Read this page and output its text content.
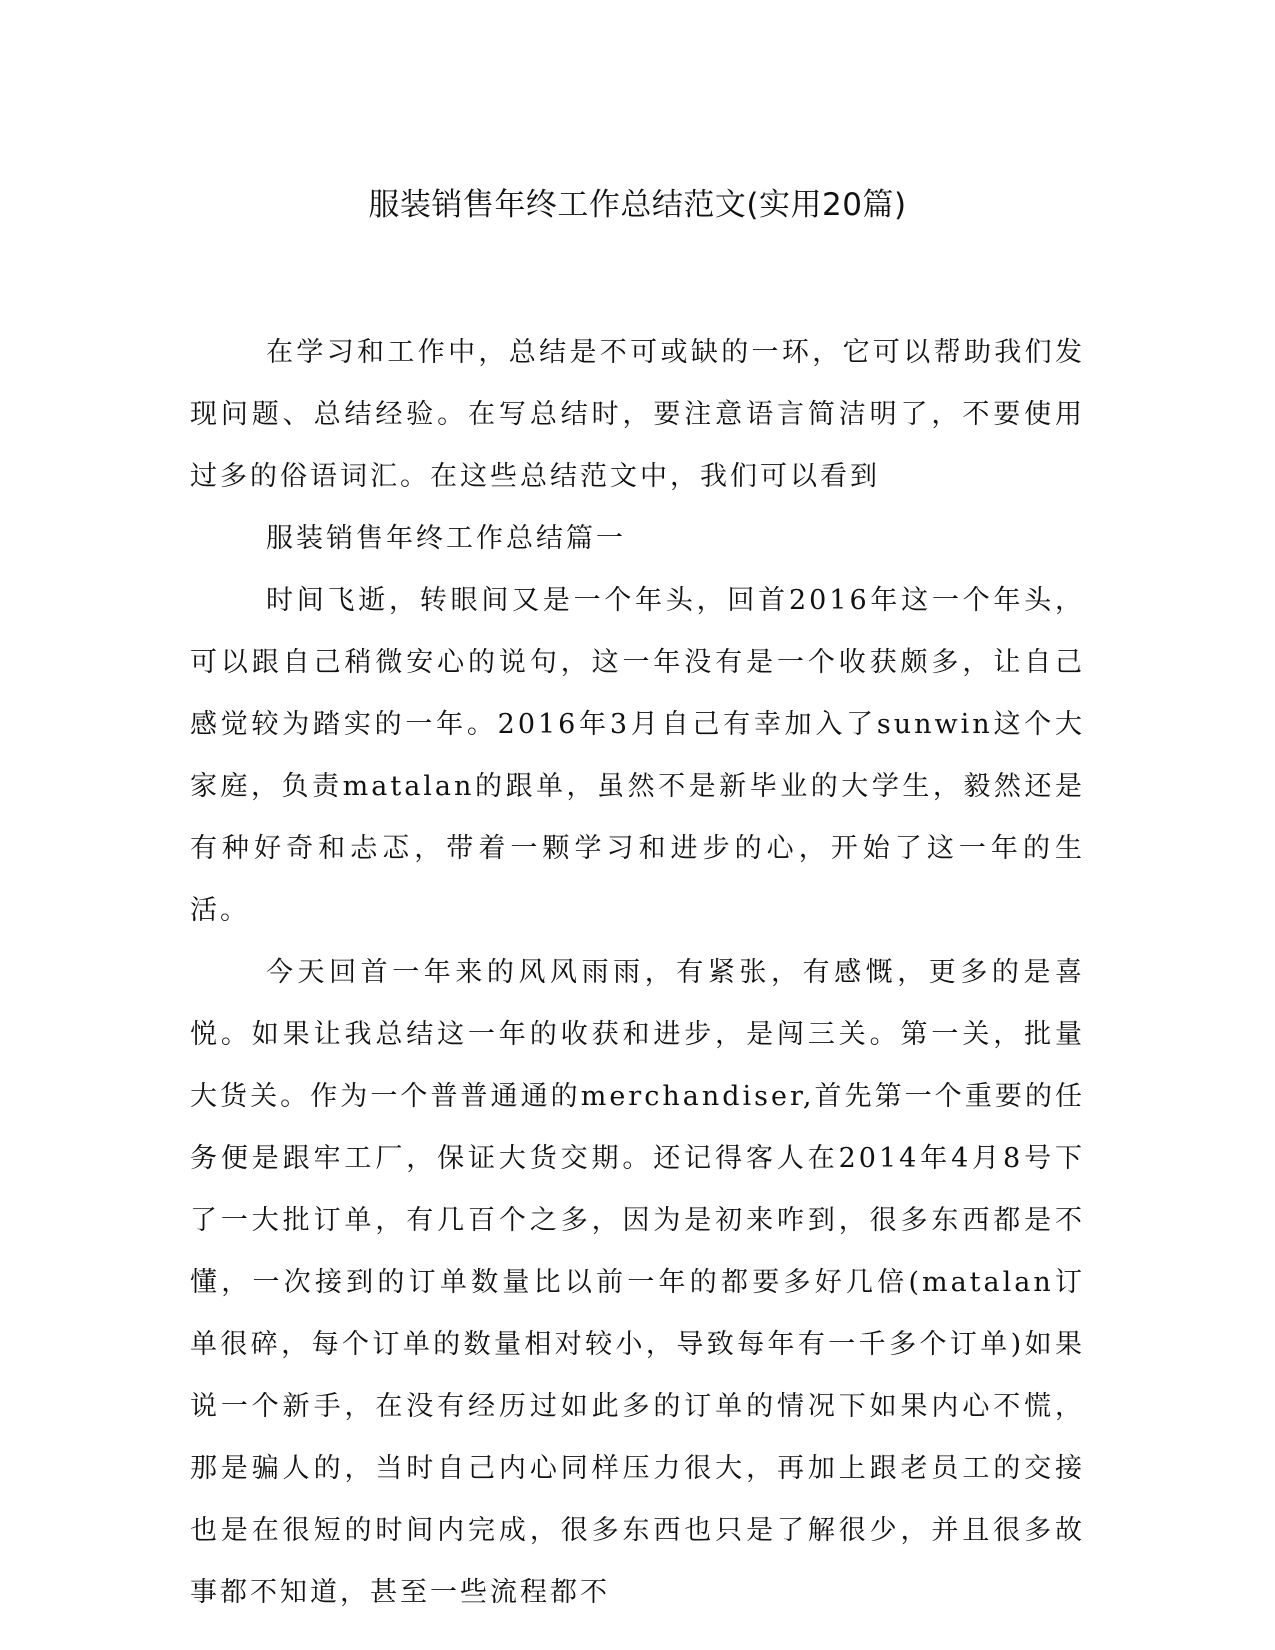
服装销售年终工作总结范文(实用20篇)

在学习和工作中，总结是不可或缺的一环，它可以帮助我们发现问题、总结经验。在写总结时，要注意语言简洁明了，不要使用过多的俗语词汇。在这些总结范文中，我们可以看到

服装销售年终工作总结篇一

时间飞逝，转眼间又是一个年头，回首2016年这一个年头，可以跟自己稍微安心的说句，这一年没有是一个收获颇多，让自己感觉较为踏实的一年。2016年3月自己有幸加入了sunwin这个大家庭，负责matalan的跟单，虽然不是新毕业的大学生，毅然还是有种好奇和忐忑，带着一颗学习和进步的心，开始了这一年的生活。

今天回首一年来的风风雨雨，有紧张，有感慨，更多的是喜悦。如果让我总结这一年的收获和进步，是闯三关。第一关，批量大货关。作为一个普普通通的merchandiser,首先第一个重要的任务便是跟牢工厂，保证大货交期。还记得客人在2014年4月8号下了一大批订单，有几百个之多，因为是初来咋到，很多东西都是不懂，一次接到的订单数量比以前一年的都要多好几倍(matalan订单很碎，每个订单的数量相对较小，导致每年有一千多个订单)如果说一个新手，在没有经历过如此多的订单的情况下如果内心不慌，那是骗人的，当时自己内心同样压力很大，再加上跟老员工的交接也是在很短的时间内完成，很多东西也只是了解很少，并且很多故事都不知道，甚至一些流程都不
